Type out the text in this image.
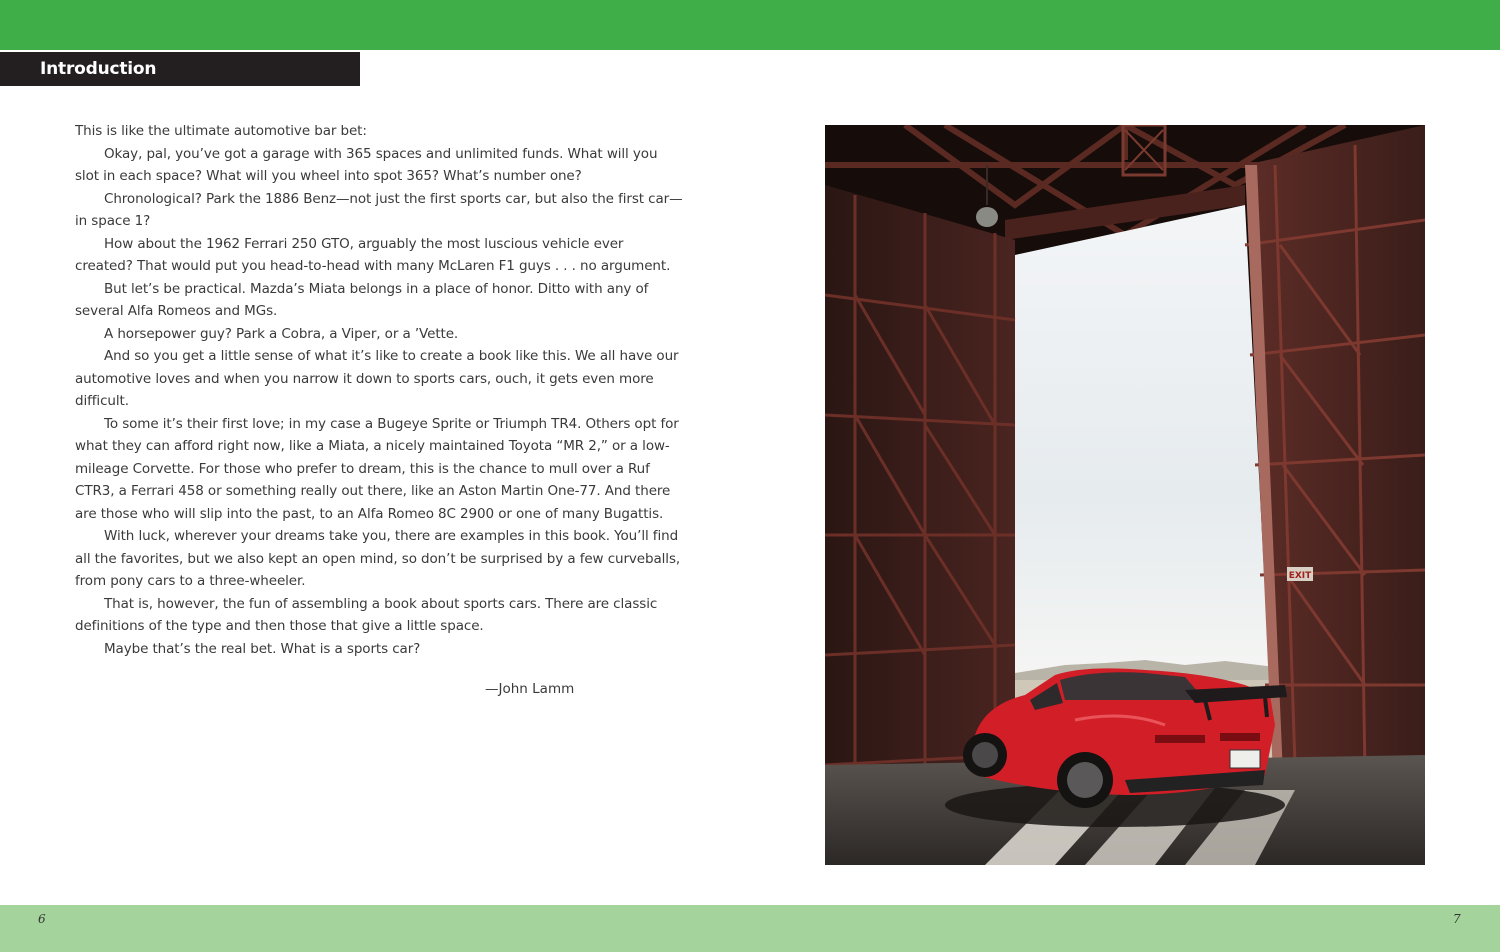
Introduction

This is like the ultimate automotive bar bet:

Okay, pal, you’ve got a garage with 365 spaces and unlimited funds. What will you slot in each space? What will you wheel into spot 365? What’s number one?

Chronological? Park the 1886 Benz—not just the first sports car, but also the first car—in space 1?

How about the 1962 Ferrari 250 GTO, arguably the most luscious vehicle ever created? That would put you head-to-head with many McLaren F1 guys . . . no argument.

But let’s be practical. Mazda’s Miata belongs in a place of honor. Ditto with any of several Alfa Romeos and MGs.

A horsepower guy? Park a Cobra, a Viper, or a ’Vette.

And so you get a little sense of what it’s like to create a book like this. We all have our automotive loves and when you narrow it down to sports cars, ouch, it gets even more difficult.

To some it’s their first love; in my case a Bugeye Sprite or Triumph TR4. Others opt for what they can afford right now, like a Miata, a nicely maintained Toyota “MR 2,” or a low-mileage Corvette. For those who prefer to dream, this is the chance to mull over a Ruf CTR3, a Ferrari 458 or something really out there, like an Aston Martin One-77. And there are those who will slip into the past, to an Alfa Romeo 8C 2900 or one of many Bugattis.

With luck, wherever your dreams take you, there are examples in this book. You’ll find all the favorites, but we also kept an open mind, so don’t be surprised by a few curveballs, from pony cars to a three-wheeler.

That is, however, the fun of assembling a book about sports cars. There are classic definitions of the type and then those that give a little space.

Maybe that’s the real bet. What is a sports car?

—John Lamm
EXIT
6	7
